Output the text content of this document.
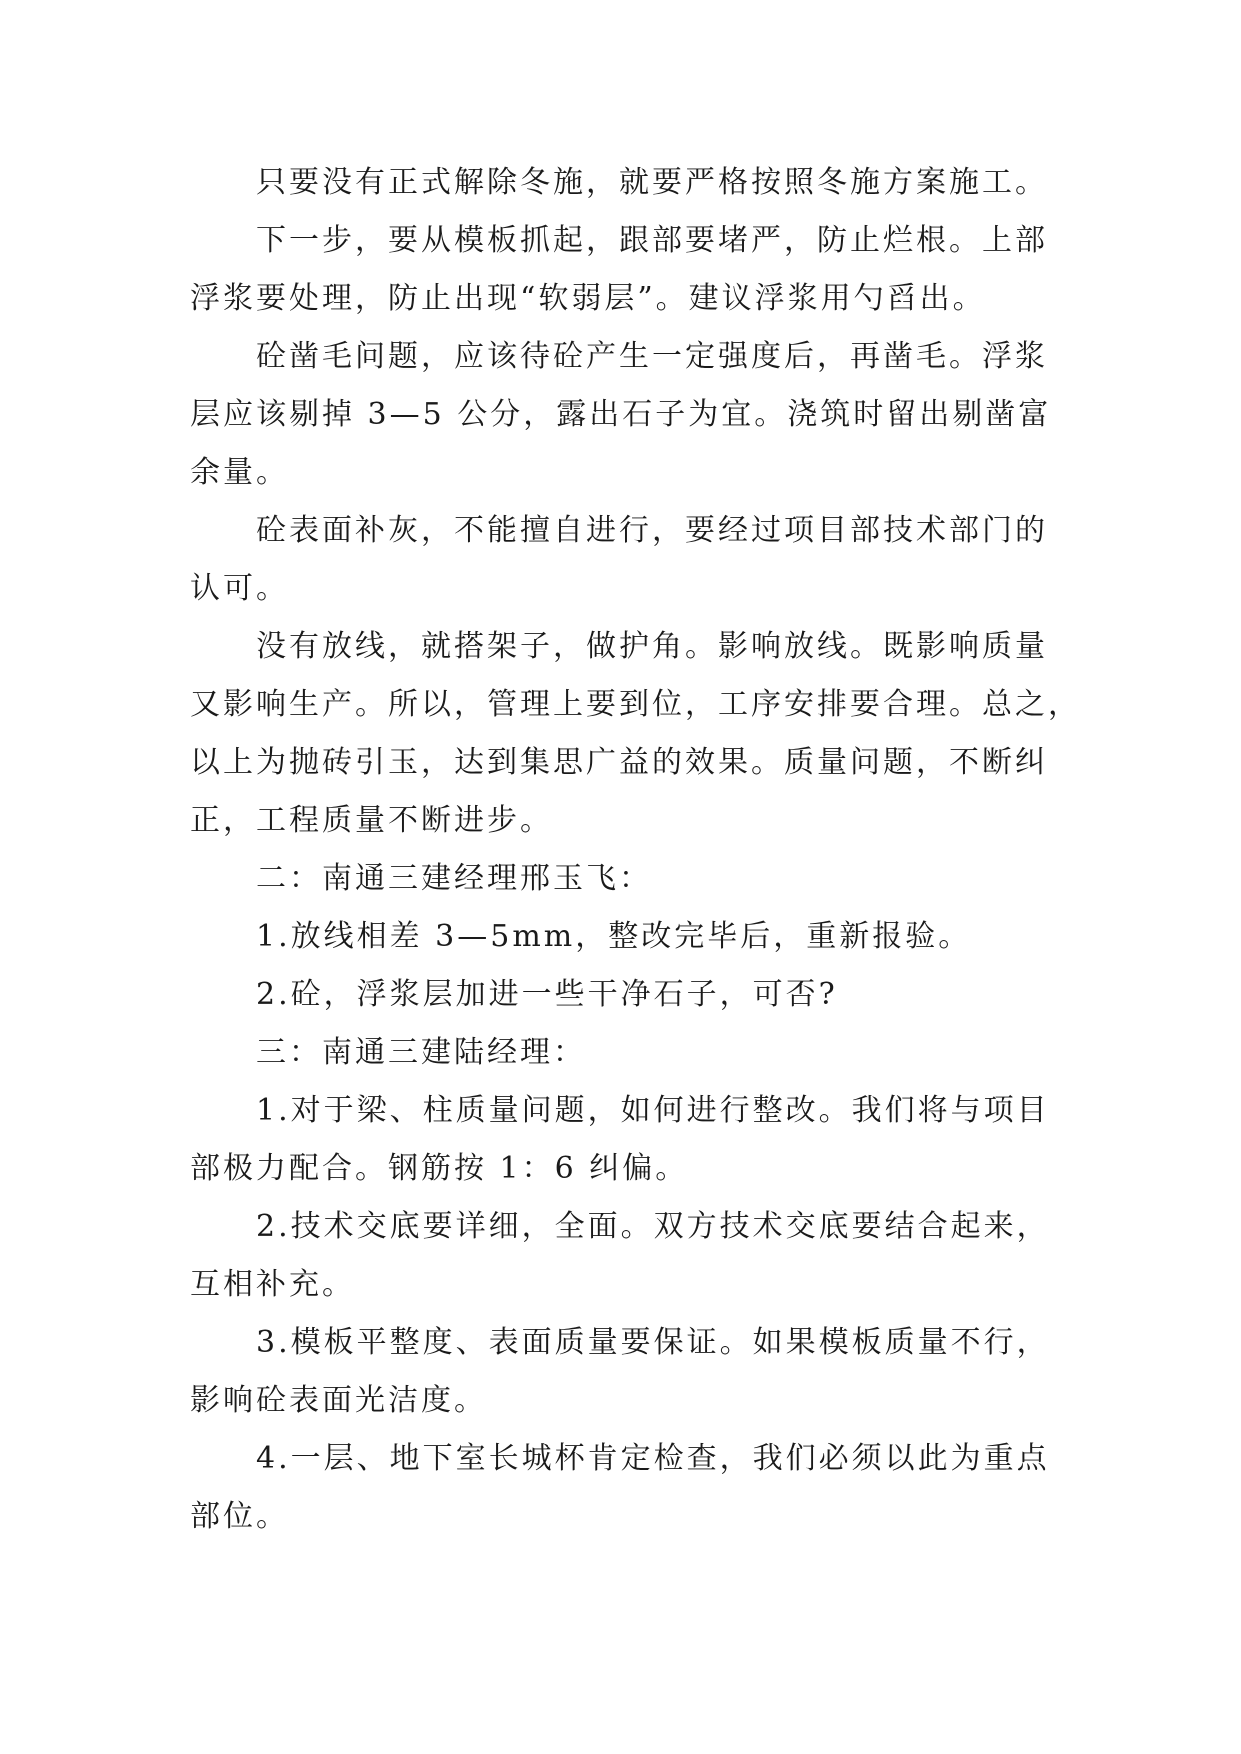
只要没有正式解除冬施，就要严格按照冬施方案施工。
下一步，要从模板抓起，跟部要堵严，防止烂根。上部
浮浆要处理，防止出现“软弱层”。建议浮浆用勺舀出。
砼凿毛问题，应该待砼产生一定强度后，再凿毛。浮浆
层应该剔掉 3—5 公分，露出石子为宜。浇筑时留出剔凿富
余量。
砼表面补灰，不能擅自进行，要经过项目部技术部门的
认可。
没有放线，就搭架子，做护角。影响放线。既影响质量
又影响生产。所以，管理上要到位，工序安排要合理。总之，
以上为抛砖引玉，达到集思广益的效果。质量问题，不断纠
正，工程质量不断进步。
二：南通三建经理邢玉飞：
1.放线相差 3—5mm，整改完毕后，重新报验。
2.砼，浮浆层加进一些干净石子，可否?
三：南通三建陆经理：
1.对于梁、柱质量问题，如何进行整改。我们将与项目
部极力配合。钢筋按 1：6 纠偏。
2.技术交底要详细，全面。双方技术交底要结合起来，
互相补充。
3.模板平整度、表面质量要保证。如果模板质量不行，
影响砼表面光洁度。
4.一层、地下室长城杯肯定检查，我们必须以此为重点
部位。
